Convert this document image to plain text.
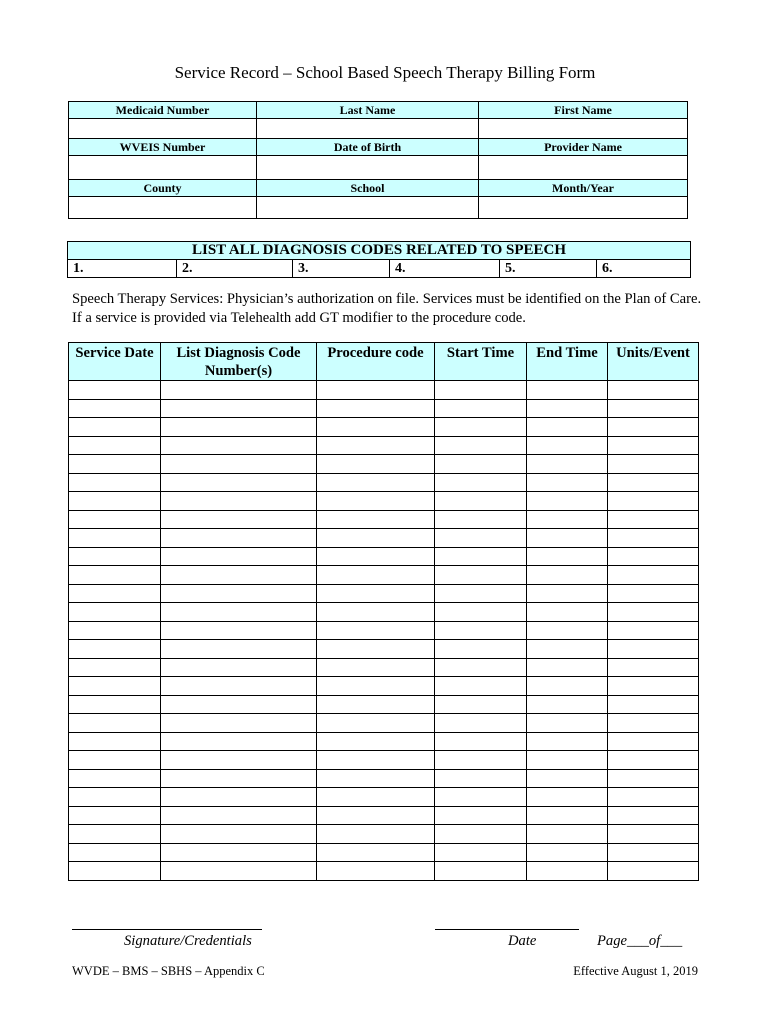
Service Record – School Based Speech Therapy Billing Form
Medicaid Number	Last Name	First Name

WVEIS Number	Date of Birth	Provider Name

County	School	Month/Year

LIST ALL DIAGNOSIS CODES RELATED TO SPEECH
1.	2.	3.	4.	5.	6.
Speech Therapy Services: Physician’s authorization on file. Services must be identified on the Plan of Care. If a service is provided via Telehealth add GT modifier to the procedure code.
Service Date	List Diagnosis Code Number(s)	Procedure code	Start Time	End Time	Units/Event

Signature/Credentials	Date	Page___of___
WVDE – BMS – SBHS – Appendix C	Effective August 1, 2019
